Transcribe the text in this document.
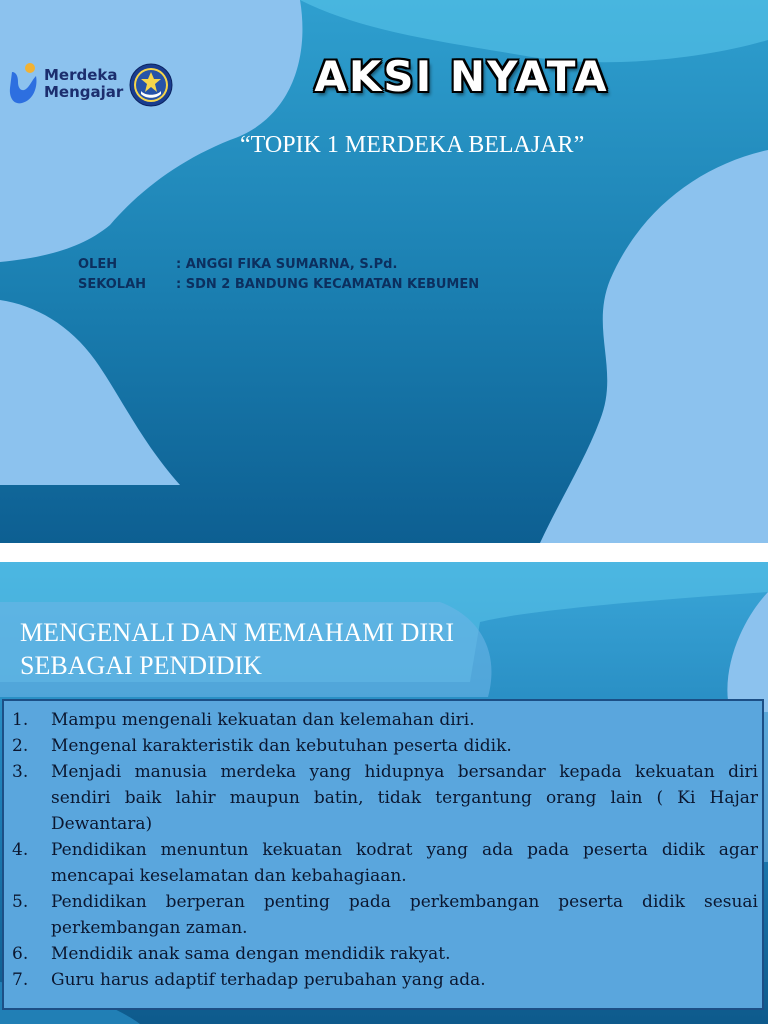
Merdeka
Mengajar	AKSI NYATA
“TOPIK 1 MERDEKA BELAJAR”
OLEH	: ANGGI FIKA SUMARNA, S.Pd.
SEKOLAH	: SDN 2 BANDUNG KECAMATAN KEBUMEN
MENGENALI DAN MEMAHAMI DIRI SEBAGAI PENDIDIK
1.	Mampu mengenali kekuatan dan kelemahan diri.
2.	Mengenal karakteristik dan kebutuhan peserta didik.
3.	Menjadi manusia merdeka yang hidupnya bersandar kepada kekuatan diri sendiri baik lahir maupun batin, tidak tergantung orang lain ( Ki Hajar Dewantara)
4.	Pendidikan menuntun kekuatan kodrat yang ada pada peserta didik agar mencapai keselamatan dan kebahagiaan.
5.	Pendidikan berperan penting pada perkembangan peserta didik sesuai perkembangan zaman.
6.	Mendidik anak sama dengan mendidik rakyat.
7.	Guru harus adaptif terhadap perubahan yang ada.
